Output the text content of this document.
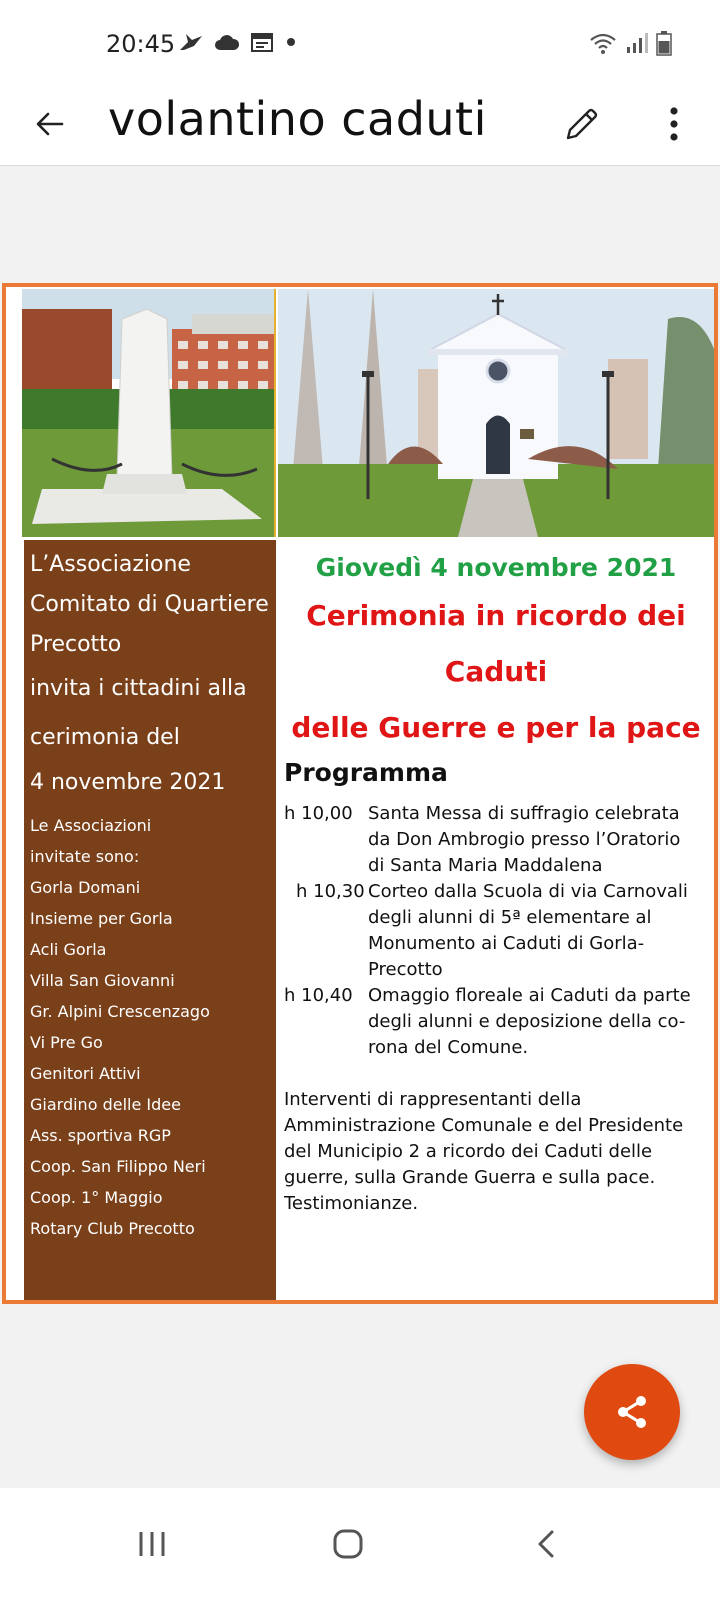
20:45
volantino caduti
L’Associazione
Comitato di Quartiere
Precotto
invita i cittadini alla
cerimonia del
4 novembre 2021
Le Associazioni
invitate sono:
Gorla Domani
Insieme per Gorla
Acli Gorla
Villa San Giovanni
Gr. Alpini Crescenzago
Vi Pre Go
Genitori Attivi
Giardino delle Idee
Ass. sportiva RGP
Coop. San Filippo Neri
Coop. 1° Maggio
Rotary Club Precotto
Giovedì 4 novembre 2021
Cerimonia in ricordo dei
Caduti
delle Guerre e per la pace
Programma
h 10,00 Santa Messa di suffragio celebrata
da Don Ambrogio presso l’Oratorio
di Santa Maria Maddalena
h 10,30 Corteo dalla Scuola di via Carnovali
degli alunni di 5ª elementare al
Monumento ai Caduti di Gorla-
Precotto
h 10,40 Omaggio floreale ai Caduti da parte
degli alunni e deposizione della co-
rona del Comune.
Interventi di rappresentanti della
Amministrazione Comunale e del Presidente
del Municipio 2 a ricordo dei Caduti delle
guerre, sulla Grande Guerra e sulla pace.
Testimonianze.
